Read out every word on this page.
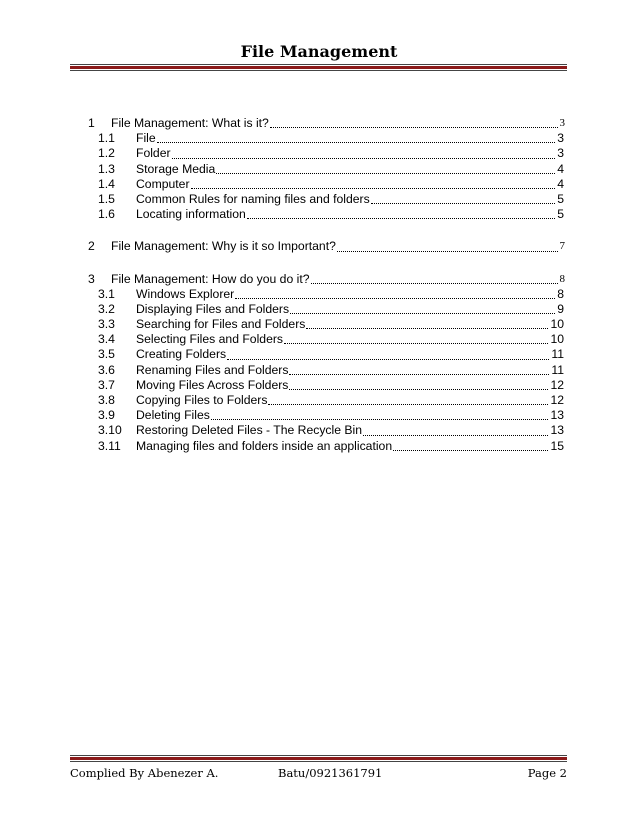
File Management
1 File Management: What is it?	3
1.1 File	3
1.2 Folder	3
1.3 Storage Media	4
1.4 Computer	4
1.5 Common Rules for naming files and folders	5
1.6 Locating information	5
2 File Management: Why is it so Important?	7
3 File Management: How do you do it?	8
3.1 Windows Explorer	8
3.2 Displaying Files and Folders	9
3.3 Searching for Files and Folders	10
3.4 Selecting Files and Folders	10
3.5 Creating Folders	11
3.6 Renaming Files and Folders	11
3.7 Moving Files Across Folders	12
3.8 Copying Files to Folders	12
3.9 Deleting Files	13
3.10 Restoring Deleted Files - The Recycle Bin	13
3.11 Managing files and folders inside an application	15
Complied By Abenezer A.	Batu/0921361791	Page 2
